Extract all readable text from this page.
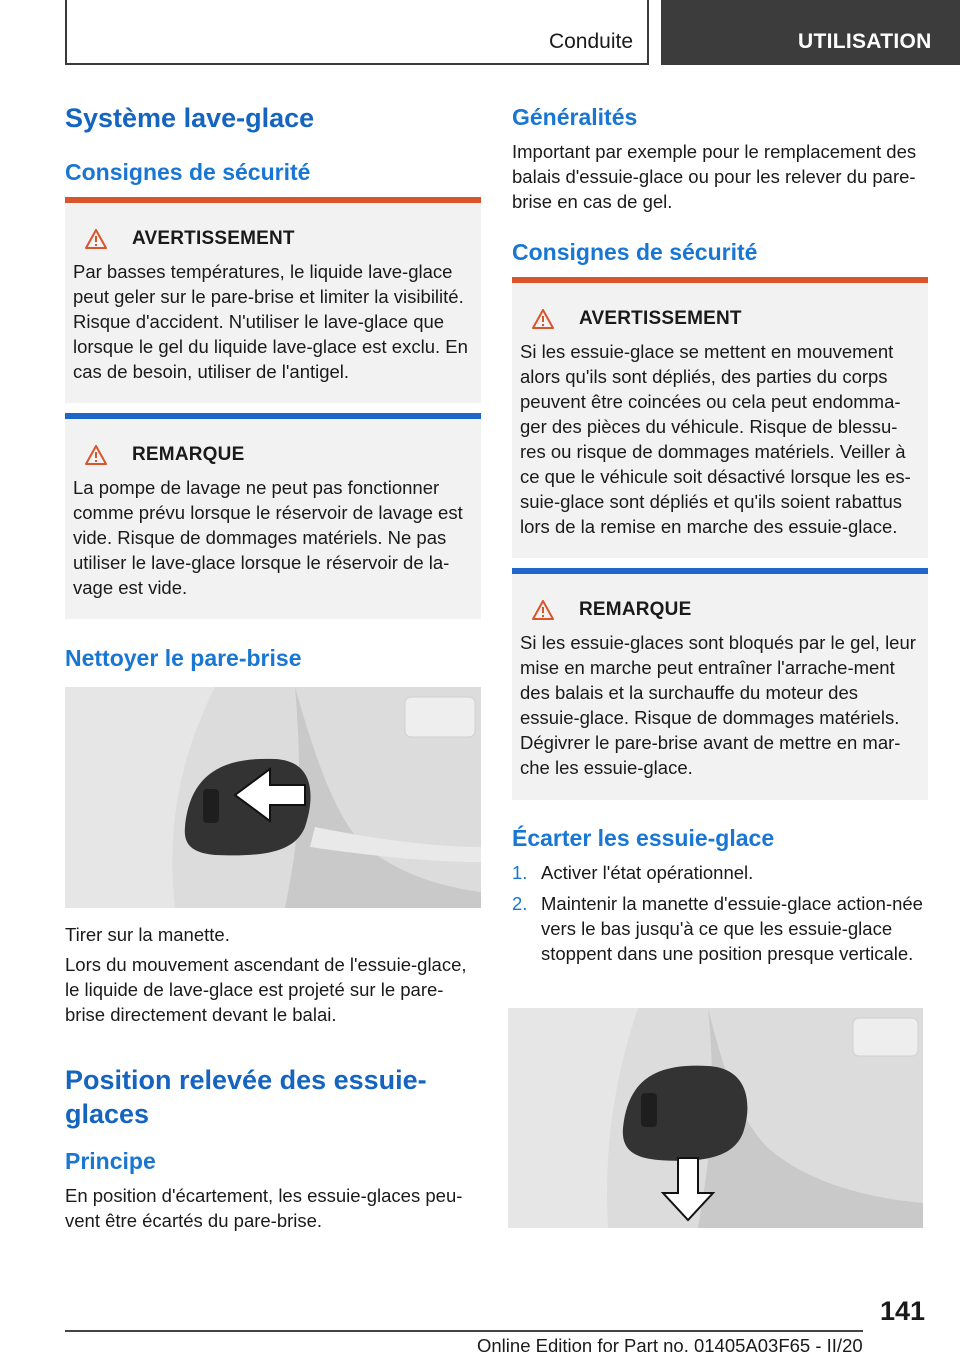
Conduite	UTILISATION
Système lave-glace
Consignes de sécurité
AVERTISSEMENT
Par basses températures, le liquide lave-glace peut geler sur le pare-brise et limiter la visibilité. Risque d'accident. N'utiliser le lave-glace que lorsque le gel du liquide lave-glace est exclu. En cas de besoin, utiliser de l'antigel.
REMARQUE
La pompe de lavage ne peut pas fonctionner comme prévu lorsque le réservoir de lavage est vide. Risque de dommages matériels. Ne pas utiliser le lave-glace lorsque le réservoir de la-vage est vide.
Nettoyer le pare-brise
Tirer sur la manette.
Lors du mouvement ascendant de l'essuie-glace, le liquide de lave-glace est projeté sur le pare-brise directement devant le balai.
Position relevée des essuie-glaces
Principe
En position d'écartement, les essuie-glaces peu-vent être écartés du pare-brise.
Généralités
Important par exemple pour le remplacement des balais d'essuie-glace ou pour les relever du pare-brise en cas de gel.
Consignes de sécurité
AVERTISSEMENT
Si les essuie-glace se mettent en mouvement alors qu'ils sont dépliés, des parties du corps peuvent être coincées ou cela peut endomma-ger des pièces du véhicule. Risque de blessu-res ou risque de dommages matériels. Veiller à ce que le véhicule soit désactivé lorsque les es-suie-glace sont dépliés et qu'ils soient rabattus lors de la remise en marche des essuie-glace.
REMARQUE
Si les essuie-glaces sont bloqués par le gel, leur mise en marche peut entraîner l'arrache-ment des balais et la surchauffe du moteur des essuie-glace. Risque de dommages matériels. Dégivrer le pare-brise avant de mettre en mar-che les essuie-glace.
Écarter les essuie-glace
1. Activer l'état opérationnel.
2. Maintenir la manette d'essuie-glace action-née vers le bas jusqu'à ce que les essuie-glace stoppent dans une position presque verticale.
141
Online Edition for Part no. 01405A03F65 - II/20
